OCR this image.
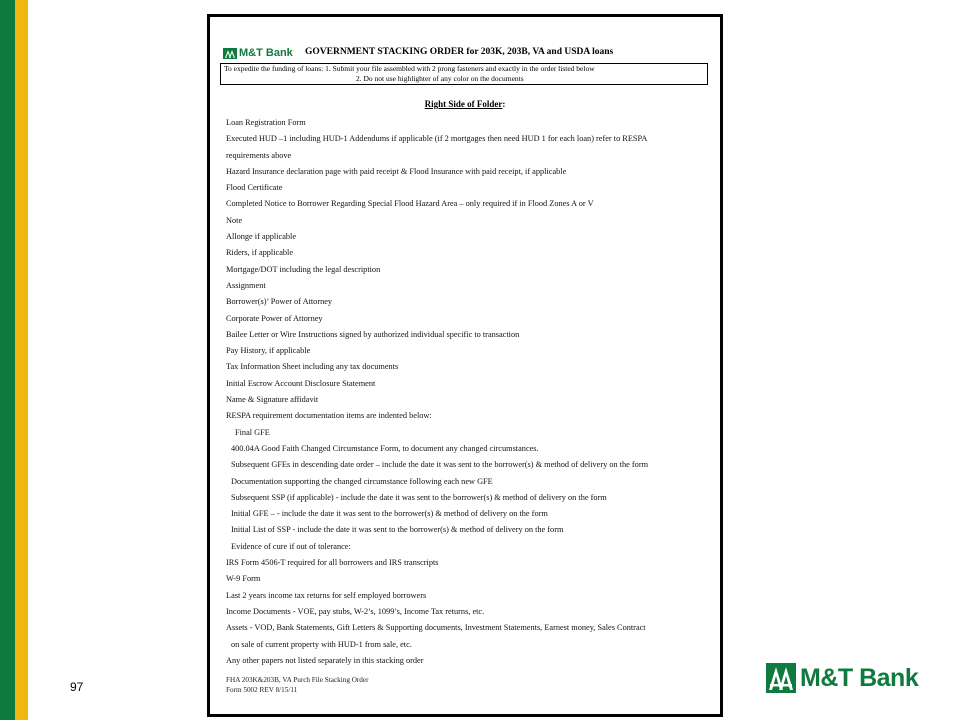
97
M&T Bank GOVERNMENT STACKING ORDER for 203K, 203B, VA and USDA loans
To expedite the funding of loans: 1. Submit your file assembled with 2 prong fasteners and exactly in the order listed below
2. Do not use highlighter of any color on the documents
Right Side of Folder:
Loan Registration Form
Executed HUD –1 including HUD-1 Addendums if applicable (if 2 mortgages then need HUD 1 for each loan) refer to RESPA
requirements above
Hazard Insurance declaration page with paid receipt & Flood Insurance with paid receipt, if applicable
Flood Certificate
Completed Notice to Borrower Regarding Special Flood Hazard Area – only required if in Flood Zones A or V
Note
Allonge if applicable
Riders, if applicable
Mortgage/DOT including the legal description
Assignment
Borrower(s)’ Power of Attorney
Corporate Power of Attorney
Bailee Letter or Wire Instructions signed by authorized individual specific to transaction
Pay History, if applicable
Tax Information Sheet including any tax documents
Initial Escrow Account Disclosure Statement
Name & Signature affidavit
RESPA requirement documentation items are indented below:
Final GFE
400.04A Good Faith Changed Circumstance Form, to document any changed circumstances.
Subsequent GFEs in descending date order – include the date it was sent to the borrower(s) & method of delivery on the form
Documentation supporting the changed circumstance following each new GFE
Subsequent SSP (if applicable) - include the date it was sent to the borrower(s) & method of delivery on the form
Initial GFE – - include the date it was sent to the borrower(s) & method of delivery on the form
Initial List of SSP - include the date it was sent to the borrower(s) & method of delivery on the form
Evidence of cure if out of tolerance:
IRS Form 4506-T required for all borrowers and IRS transcripts
W-9 Form
Last 2 years income tax returns for self employed borrowers
Income Documents - VOE, pay stubs, W-2’s, 1099’s, Income Tax returns, etc.
Assets - VOD, Bank Statements, Gift Letters & Supporting documents, Investment Statements, Earnest money, Sales Contract
on sale of current property with HUD-1 from sale, etc.
Any other papers not listed separately in this stacking order
FHA 203K&203B, VA Purch File Stacking Order
Form 5002 REV 8/15/11	M&T Bank
